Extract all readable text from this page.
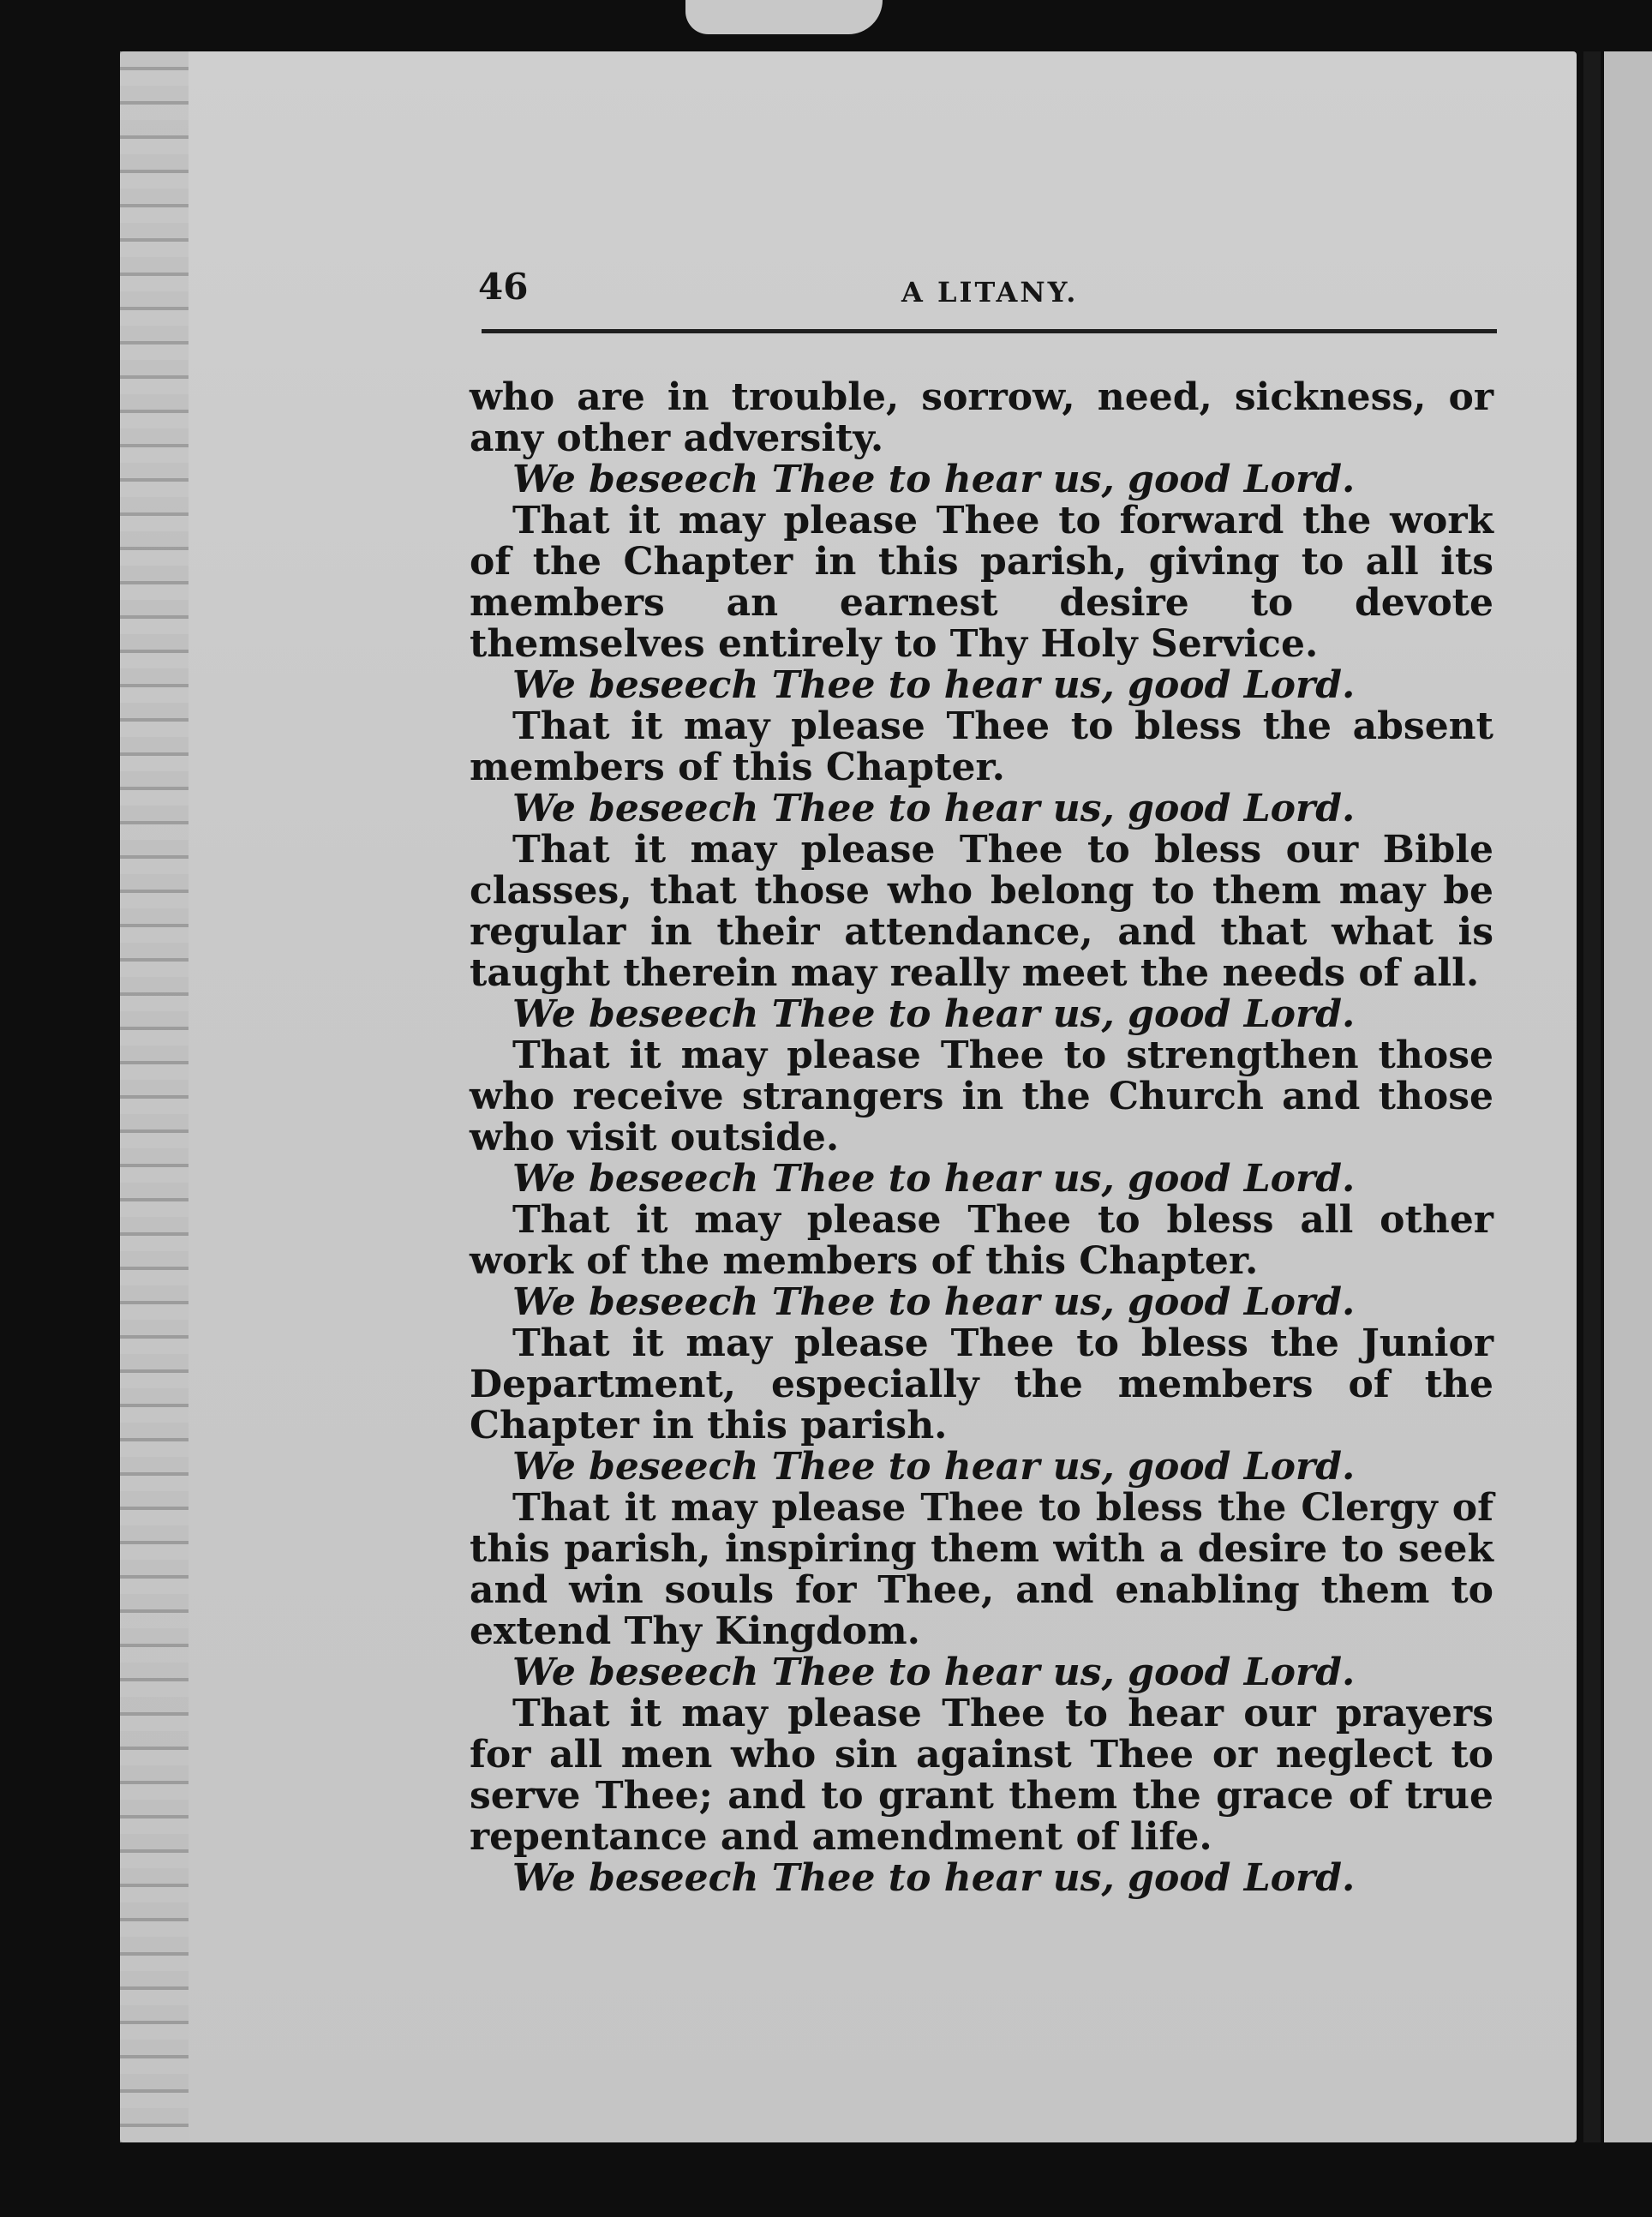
46	A LITANY.

who are in trouble, sorrow, need, sickness, or any other adversity.

We beseech Thee to hear us, good Lord.

That it may please Thee to forward the work of the Chapter in this parish, giving to all its members an earnest desire to devote themselves entirely to Thy Holy Service.

We beseech Thee to hear us, good Lord.

That it may please Thee to bless the absent members of this Chapter.

We beseech Thee to hear us, good Lord.

That it may please Thee to bless our Bible classes, that those who belong to them may be regular in their attendance, and that what is taught therein may really meet the needs of all.

We beseech Thee to hear us, good Lord.

That it may please Thee to strengthen those who receive strangers in the Church and those who visit outside.

We beseech Thee to hear us, good Lord.

That it may please Thee to bless all other work of the members of this Chapter.

We beseech Thee to hear us, good Lord.

That it may please Thee to bless the Junior Department, especially the members of the Chapter in this parish.

We beseech Thee to hear us, good Lord.

That it may please Thee to bless the Clergy of this parish, inspiring them with a desire to seek and win souls for Thee, and enabling them to extend Thy Kingdom.

We beseech Thee to hear us, good Lord.

That it may please Thee to hear our prayers for all men who sin against Thee or neglect to serve Thee; and to grant them the grace of true repentance and amendment of life.

We beseech Thee to hear us, good Lord.
